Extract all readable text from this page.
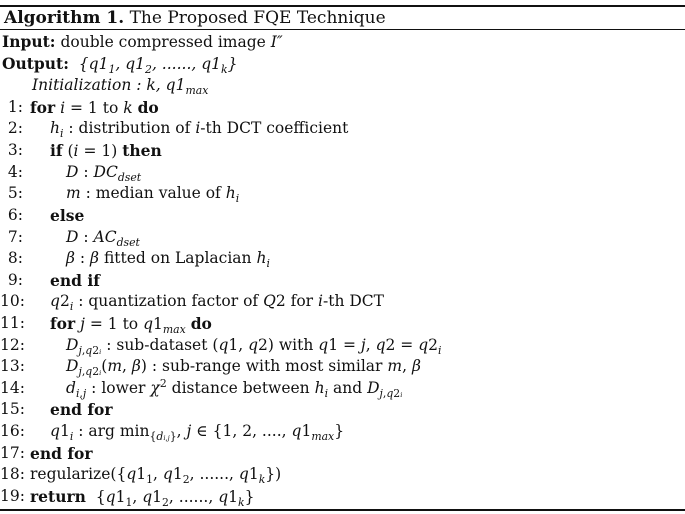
Algorithm 1. The Proposed FQE Technique
Input: double compressed image I″
Output:  {$q1_1$, $q1_2$, ......, $q1_k$}
Initialization : k, $q1_{max}$
1: for i = 1 to k do
2: $h_i$ : distribution of i-th DCT coefficient
3: if (i = 1) then
4:	D : $DC_{dset}$
5:	m : median value of $h_i$
6: else
7:	D : $AC_{dset}$
8:	β : β fitted on Laplacian $h_i$
9: end if
10: $q2_i$ : quantization factor of Q2 for i-th DCT
11: for j = 1 to $q1_{max}$ do
12:	$D_{j,q2i}$ : sub-dataset (q1, q2) with q1 = j, $q2 = q2_i$
13:	$D_{j,q2i}(m$, β) : sub-range with most similar m, β
14:	$d_{i,j}$ : lower $\chi^2$ distance between $h_i$ and $D_{j,q2i}$
15: end for
16: $q1_i$ : arg $\min_{\{di,j\}}$, j ∈ {1, 2, ...., $q1_{max}$}
17: end for
18: $regularize(\{q1_1$, $q1_2$, ......, $q1_k$})
19: return  {$q1_1$, $q1_2$, ......, $q1_k$}
